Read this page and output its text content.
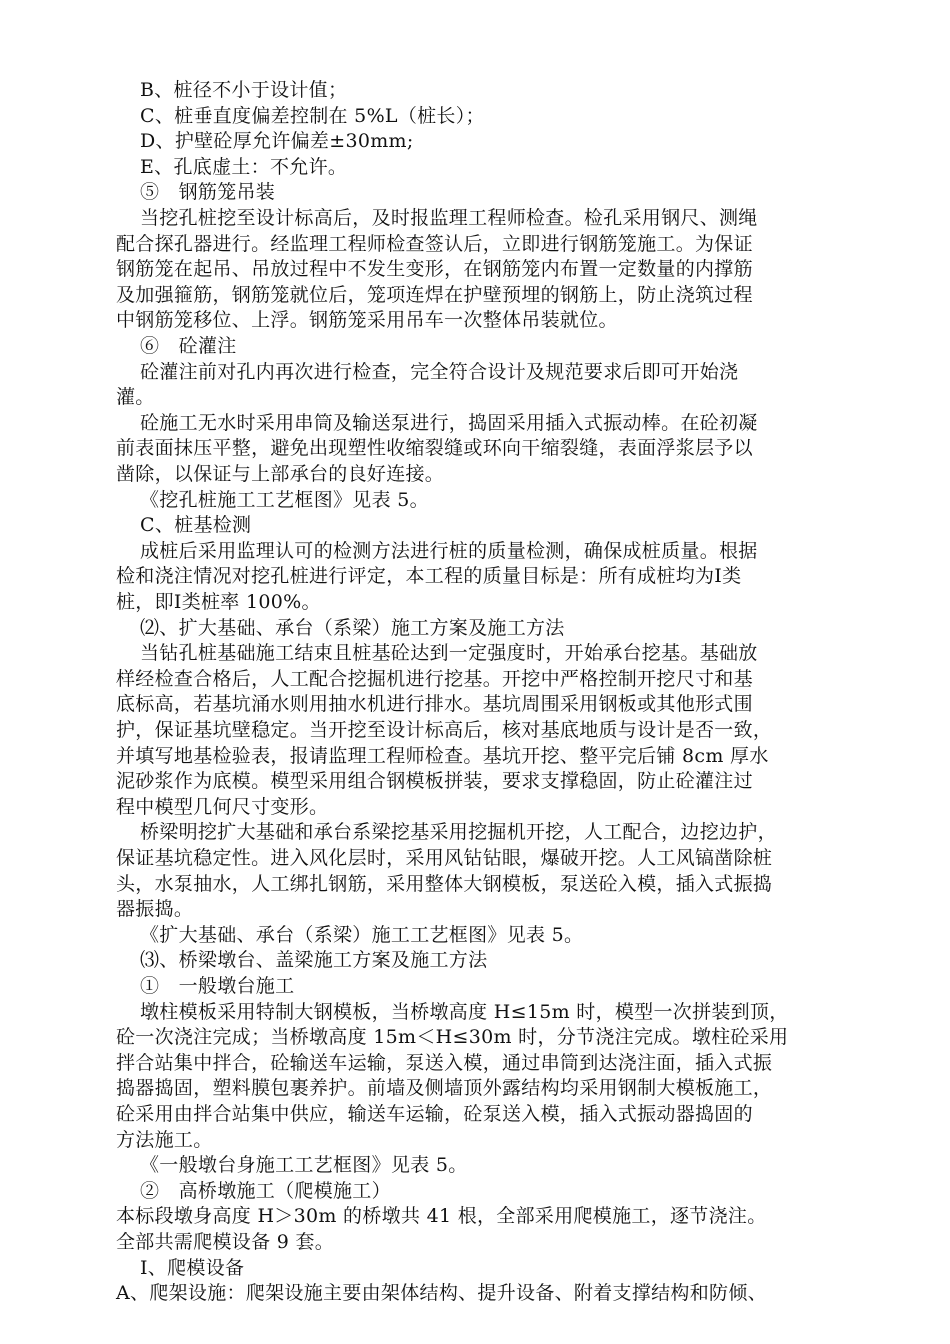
B、桩径不小于设计值；
C、桩垂直度偏差控制在 5%L（桩长）；
D、护壁砼厚允许偏差±30mm;
E、孔底虚土：不允许。
⑤　钢筋笼吊装
当挖孔桩挖至设计标高后，及时报监理工程师检查。检孔采用钢尺、测绳
配合探孔器进行。经监理工程师检查签认后，立即进行钢筋笼施工。为保证
钢筋笼在起吊、吊放过程中不发生变形，在钢筋笼内布置一定数量的内撑筋
及加强箍筋，钢筋笼就位后，笼项连焊在护壁预埋的钢筋上，防止浇筑过程
中钢筋笼移位、上浮。钢筋笼采用吊车一次整体吊装就位。
⑥　砼灌注
砼灌注前对孔内再次进行检查，完全符合设计及规范要求后即可开始浇
灌。
砼施工无水时采用串筒及输送泵进行，捣固采用插入式振动棒。在砼初凝
前表面抹压平整，避免出现塑性收缩裂缝或环向干缩裂缝，表面浮浆层予以
凿除，以保证与上部承台的良好连接。
《挖孔桩施工工艺框图》见表 5。
C、桩基检测
成桩后采用监理认可的检测方法进行桩的质量检测，确保成桩质量。根据
检和浇注情况对挖孔桩进行评定，本工程的质量目标是：所有成桩均为Ⅰ类
桩，即Ⅰ类桩率 100%。
⑵、扩大基础、承台（系梁）施工方案及施工方法
当钻孔桩基础施工结束且桩基砼达到一定强度时，开始承台挖基。基础放
样经检查合格后，人工配合挖掘机进行挖基。开挖中严格控制开挖尺寸和基
底标高，若基坑涌水则用抽水机进行排水。基坑周围采用钢板或其他形式围
护，保证基坑壁稳定。当开挖至设计标高后，核对基底地质与设计是否一致，
并填写地基检验表，报请监理工程师检查。基坑开挖、整平完后铺 8cm 厚水
泥砂浆作为底模。模型采用组合钢模板拼装，要求支撑稳固，防止砼灌注过
程中模型几何尺寸变形。
桥梁明挖扩大基础和承台系梁挖基采用挖掘机开挖，人工配合，边挖边护，
保证基坑稳定性。进入风化层时，采用风钻钻眼，爆破开挖。人工风镐凿除桩
头，水泵抽水，人工绑扎钢筋，采用整体大钢模板，泵送砼入模，插入式振捣
器振捣。
《扩大基础、承台（系梁）施工工艺框图》见表 5。
⑶、桥梁墩台、盖梁施工方案及施工方法
①　一般墩台施工
墩柱模板采用特制大钢模板，当桥墩高度 H≤15m 时，模型一次拼装到顶，
砼一次浇注完成；当桥墩高度 15m＜H≤30m 时，分节浇注完成。墩柱砼采用
拌合站集中拌合，砼输送车运输，泵送入模，通过串筒到达浇注面，插入式振
捣器捣固，塑料膜包裹养护。前墙及侧墙顶外露结构均采用钢制大模板施工，
砼采用由拌合站集中供应，输送车运输，砼泵送入模，插入式振动器捣固的
方法施工。
《一般墩台身施工工艺框图》见表 5。
②　高桥墩施工（爬模施工）
本标段墩身高度 H＞30m 的桥墩共 41 根，全部采用爬模施工，逐节浇注。
全部共需爬模设备 9 套。
Ⅰ、爬模设备
A、爬架设施：爬架设施主要由架体结构、提升设备、附着支撑结构和防倾、
